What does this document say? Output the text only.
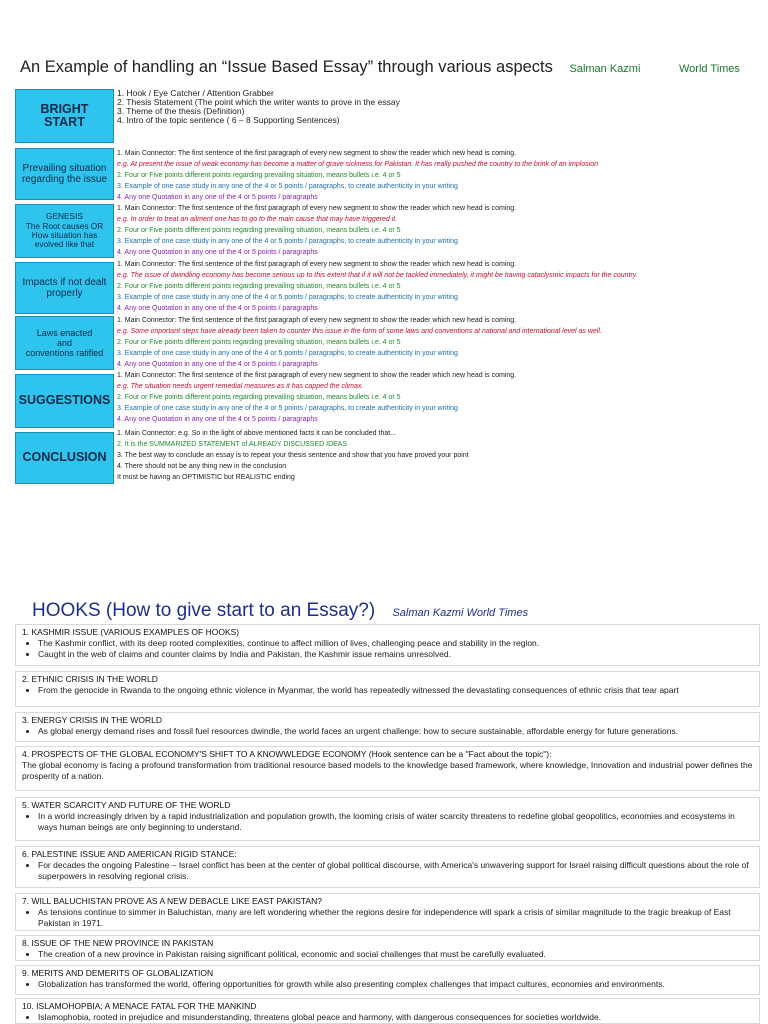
An Example of handling an “Issue Based Essay” through various aspects Salman Kazmi	World Times
BRIGHT
START
1. Hook / Eye Catcher / Attention Grabber
2. Thesis Statement (The point which the writer wants to prove in the essay
3. Theme of the thesis (Definition)
4. Intro of the topic sentence ( 6 – 8 Supporting Sentences)
Prevailing situation
regarding the issue
1. Main Connector: The first sentence of the first paragraph of every new segment to show the reader which new head is coming.
e.g. At present the issue of weak economy has become a matter of grave sickness for Pakistan. It has really pushed the country to the brink of an implosion
2. Four or Five points different points regarding prevailing situation, means bullets i.e. 4 or 5
3. Example of one case study in any one of the 4 or 5 points / paragraphs, to create authenticity in your writing
4. Any one Quotation in any one of the 4 or 5 points / paragraphs
GENESIS
The Root causes OR
How situation has
evolved like that
1. Main Connector: The first sentence of the first paragraph of every new segment to show the reader which new head is coming.
e.g. In order to treat an ailment one has to go to the main cause that may have triggered it.
2. Four or Five points different points regarding prevailing situation, means bullets i.e. 4 or 5
3. Example of one case study in any one of the 4 or 5 points / paragraphs, to create authenticity in your writing
4. Any one Quotation in any one of the 4 or 5 points / paragraphs
Impacts if not dealt
properly
1. Main Connector: The first sentence of the first paragraph of every new segment to show the reader which new head is coming.
e.g. The issue of dwindling economy has become serious up to this extent that if it will not be tackled immediately, it might be having cataclysmic impacts for the country.
2. Four or Five points different points regarding prevailing situation, means bullets i.e. 4 or 5
3. Example of one case study in any one of the 4 or 5 points / paragraphs, to create authenticity in your writing
4. Any one Quotation in any one of the 4 or 5 points / paragraphs
Laws enacted
and
conventions ratified
1. Main Connector: The first sentence of the first paragraph of every new segment to show the reader which new head is coming.
e.g. Some important steps have already been taken to counter this issue in the form of some laws and conventions at national and international level as well.
2. Four or Five points different points regarding prevailing situation, means bullets i.e. 4 or 5
3. Example of one case study in any one of the 4 or 5 points / paragraphs, to create authenticity in your writing
4. Any one Quotation in any one of the 4 or 5 points / paragraphs
SUGGESTIONS
1. Main Connector: The first sentence of the first paragraph of every new segment to show the reader which new head is coming.
e.g. The situation needs urgent remedial measures as it has capped the climax.
2. Four or Five points different points regarding prevailing situation, means bullets i.e. 4 or 5
3. Example of one case study in any one of the 4 or 5 points / paragraphs, to create authenticity in your writing
4. Any one Quotation in any one of the 4 or 5 points / paragraphs
CONCLUSION
1. Main Connector: e.g. So in the light of above mentioned facts it can be concluded that...
2. It is the SUMMARIZED STATEMENT of ALREADY DISCUSSED IDEAS
3. The best way to conclude an essay is to repeat your thesis sentence and show that you have proved your point
4. There should not be any thing new in the conclusion
It must be having an OPTIMISTIC but REALISTIC ending
HOOKS (How to give start to an Essay?) Salman Kazmi World Times
1. KASHMIR ISSUE (VARIOUS EXAMPLES OF HOOKS)
• The Kashmir conflict, with its deep rooted complexities, continue to affect million of lives, challenging peace and stability in the region.
• Caught in the web of claims and counter claims by India and Pakistan, the Kashmir issue remains unresolved.
2. ETHNIC CRISIS IN THE WORLD
• From the genocide in Rwanda to the ongoing ethnic violence in Myanmar, the world has repeatedly witnessed the devastating consequences of ethnic crisis that tear apart
3. ENERGY CRISIS IN THE WORLD
• As global energy demand rises and fossil fuel resources dwindle, the world faces an urgent challenge: how to secure sustainable, affordable energy for future generations.
4. PROSPECTS OF THE GLOBAL ECONOMY'S SHIFT TO A KNOWWLEDGE ECONOMY (Hook sentence can be a "Fact about the topic"):
The global economy is facing a profound transformation from traditional resource based models to the knowledge based framework, where knowledge, Innovation and industrial power defines the prosperity of a nation.
5. WATER SCARCITY AND FUTURE OF THE WORLD
• In a world increasingly driven by a rapid industrialization and population growth, the looming crisis of water scarcity threatens to redefine global geopolitics, economies and ecosystems in ways human beings are only beginning to understand.
6. PALESTINE ISSUE AND AMERICAN RIGID STANCE:
• For decades the ongoing Palestine – Israel conflict has been at the center of global political discourse, with America's unwavering support for Israel raising difficult questions about the role of superpowers in resolving regional crisis.
7. WILL BALUCHISTAN PROVE AS A NEW DEBACLE LIKE EAST PAKISTAN?
• As tensions continue to simmer in Baluchistan, many are left wondering whether the regions desire for independence will spark a crisis of similar magnitude to the tragic breakup of East Pakistan in 1971.
8. ISSUE OF THE NEW PROVINCE IN PAKISTAN
• The creation of a new province in Pakistan raising significant political, economic and social challenges that must be carefully evaluated.
9. MERITS AND DEMERITS OF GLOBALIZATION
• Globalization has transformed the world, offering opportunities for growth while also presenting complex challenges that impact cultures, economies and environments.
10. ISLAMOHOPBIA; A MENACE FATAL FOR THE MANKIND
• Islamophobia, rooted in prejudice and misunderstanding, threatens global peace and harmony, with dangerous consequences for societies worldwide.
